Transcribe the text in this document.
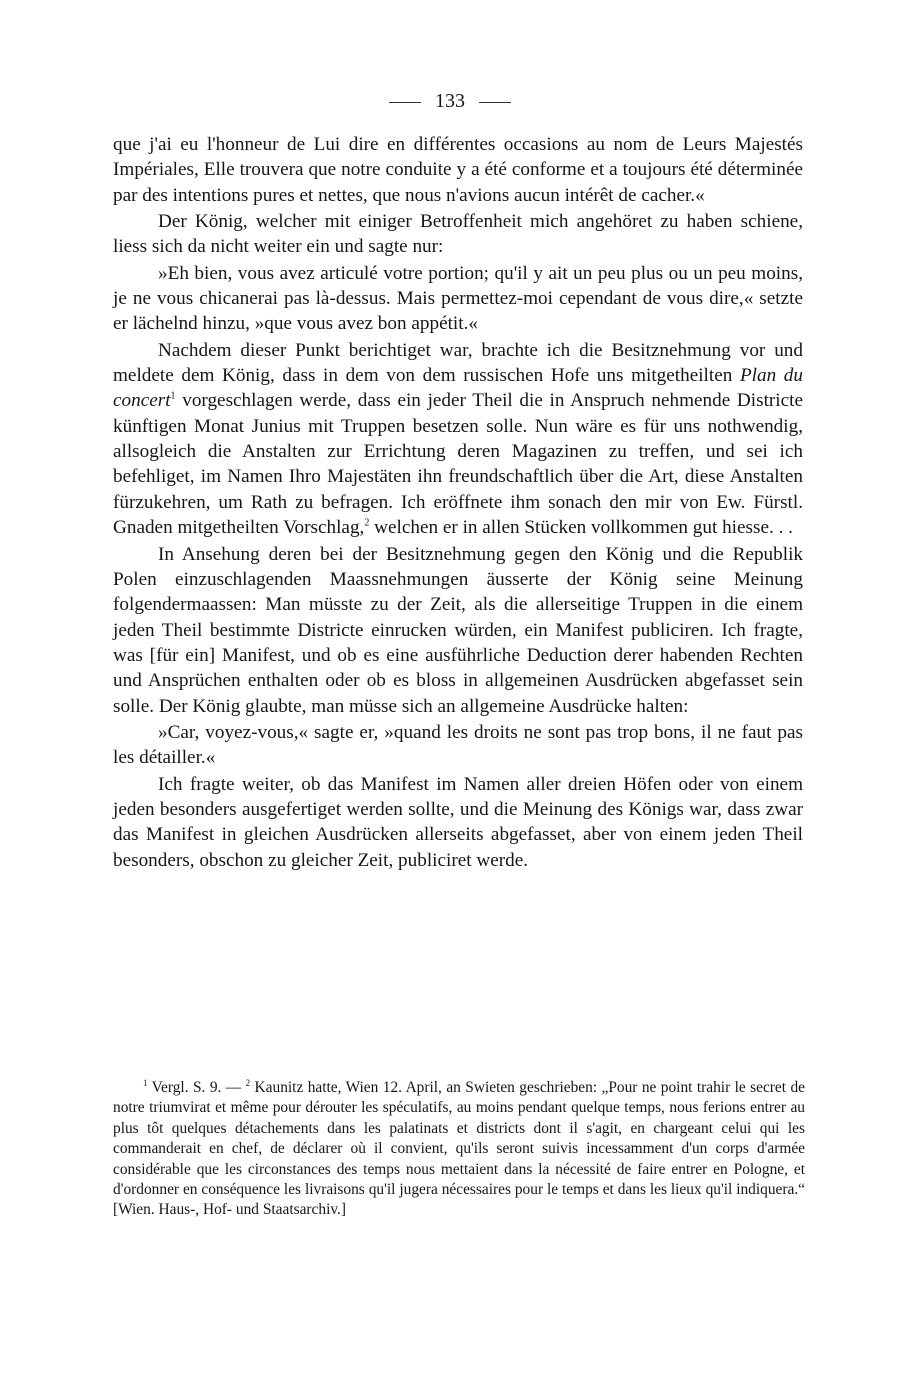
133

que j'ai eu l'honneur de Lui dire en différentes occasions au nom de Leurs Majestés Impériales, Elle trouvera que notre conduite y a été conforme et a toujours été déterminée par des intentions pures et nettes, que nous n'avions aucun intérêt de cacher.«

Der König, welcher mit einiger Betroffenheit mich angehöret zu haben schiene, liess sich da nicht weiter ein und sagte nur:

»Eh bien, vous avez articulé votre portion; qu'il y ait un peu plus ou un peu moins, je ne vous chicanerai pas là-dessus. Mais permettez-moi cependant de vous dire,« setzte er lächelnd hinzu, »que vous avez bon appétit.«

Nachdem dieser Punkt berichtiget war, brachte ich die Besitznehmung vor und meldete dem König, dass in dem von dem russischen Hofe uns mitgetheilten Plan du concert$^1$ vorgeschlagen werde, dass ein jeder Theil die in Anspruch nehmende Districte künftigen Monat Junius mit Truppen besetzen solle. Nun wäre es für uns nothwendig, allsogleich die Anstalten zur Errichtung deren Magazinen zu treffen, und sei ich befehliget, im Namen Ihro Majestäten ihn freundschaftlich über die Art, diese Anstalten fürzukehren, um Rath zu befragen. Ich eröffnete ihm sonach den mir von Ew. Fürstl. Gnaden mitgetheilten Vorschlag,$^2$ welchen er in allen Stücken vollkommen gut hiesse. . .

In Ansehung deren bei der Besitznehmung gegen den König und die Republik Polen einzuschlagenden Maassnehmungen äusserte der König seine Meinung folgendermaassen: Man müsste zu der Zeit, als die allerseitige Truppen in die einem jeden Theil bestimmte Districte einrucken würden, ein Manifest publiciren. Ich fragte, was [für ein] Manifest, und ob es eine ausführliche Deduction derer habenden Rechten und Ansprüchen enthalten oder ob es bloss in allgemeinen Ausdrücken abgefasset sein solle. Der König glaubte, man müsse sich an allgemeine Ausdrücke halten:

»Car, voyez-vous,« sagte er, »quand les droits ne sont pas trop bons, il ne faut pas les détailler.«

Ich fragte weiter, ob das Manifest im Namen aller dreien Höfen oder von einem jeden besonders ausgefertiget werden sollte, und die Meinung des Königs war, dass zwar das Manifest in gleichen Ausdrücken allerseits abgefasset, aber von einem jeden Theil besonders, obschon zu gleicher Zeit, publiciret werde.

$^1$ Vergl. S. 9. — $^2$ Kaunitz hatte, Wien 12. April, an Swieten geschrieben: „Pour ne point trahir le secret de notre triumvirat et même pour dérouter les spéculatifs, au moins pendant quelque temps, nous ferions entrer au plus tôt quelques détachements dans les palatinats et districts dont il s'agit, en chargeant celui qui les commanderait en chef, de déclarer où il convient, qu'ils seront suivis incessamment d'un corps d'armée considérable que les circonstances des temps nous mettaient dans la nécessité de faire entrer en Pologne, et d'ordonner en conséquence les livraisons qu'il jugera nécessaires pour le temps et dans les lieux qu'il indiquera.“ [Wien. Haus-, Hof- und Staatsarchiv.]
